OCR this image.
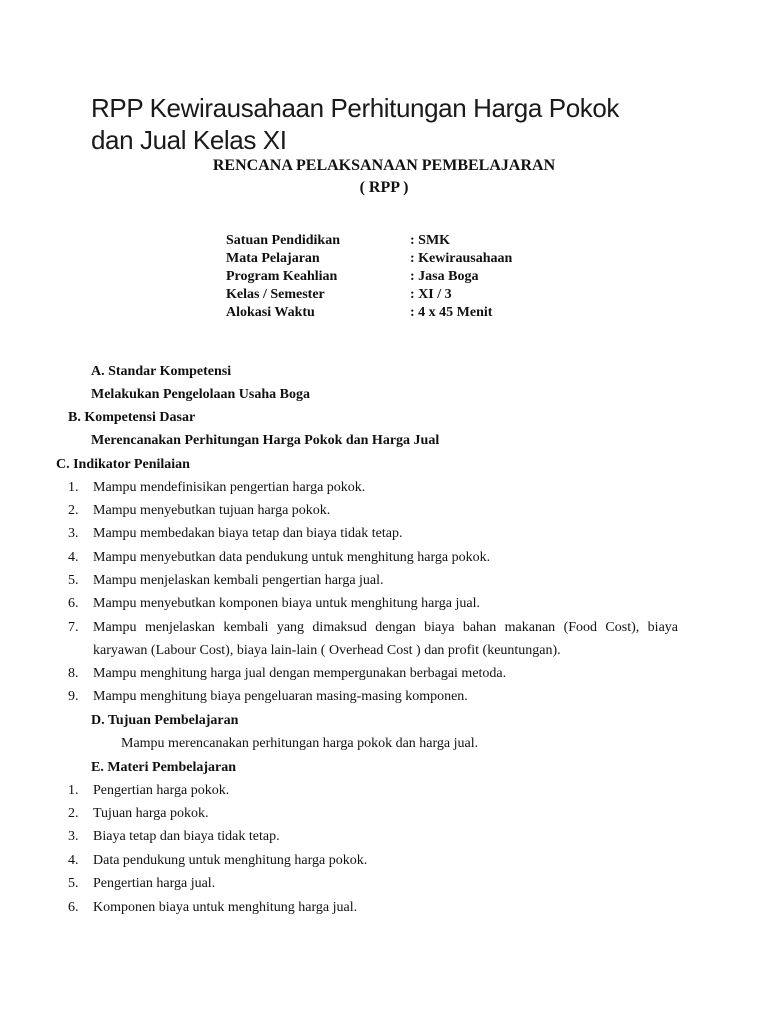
RPP Kewirausahaan Perhitungan Harga Pokok
dan Jual Kelas XI
RENCANA PELAKSANAAN PEMBELAJARAN
( RPP )
Satuan Pendidikan	: SMK
Mata Pelajaran	: Kewirausahaan
Program Keahlian	: Jasa Boga
Kelas / Semester	: XI / 3
Alokasi Waktu	: 4 x 45 Menit
A. Standar Kompetensi
Melakukan Pengelolaan Usaha Boga
B. Kompetensi Dasar
Merencanakan Perhitungan Harga Pokok dan Harga Jual
C. Indikator Penilaian
1. Mampu mendefinisikan pengertian harga pokok.
2. Mampu menyebutkan tujuan harga pokok.
3. Mampu membedakan biaya tetap dan biaya tidak tetap.
4. Mampu menyebutkan data pendukung untuk menghitung harga pokok.
5. Mampu menjelaskan kembali pengertian harga jual.
6. Mampu menyebutkan komponen biaya untuk menghitung harga jual.
7. Mampu menjelaskan kembali yang dimaksud dengan biaya bahan makanan (Food Cost), biaya
karyawan (Labour Cost), biaya lain-lain ( Overhead Cost ) dan profit (keuntungan).
8. Mampu menghitung harga jual dengan mempergunakan berbagai metoda.
9. Mampu menghitung biaya pengeluaran masing-masing komponen.
D. Tujuan Pembelajaran
Mampu merencanakan perhitungan harga pokok dan harga jual.
E. Materi Pembelajaran
1. Pengertian harga pokok.
2. Tujuan harga pokok.
3. Biaya tetap dan biaya tidak tetap.
4. Data pendukung untuk menghitung harga pokok.
5. Pengertian harga jual.
6. Komponen biaya untuk menghitung harga jual.
